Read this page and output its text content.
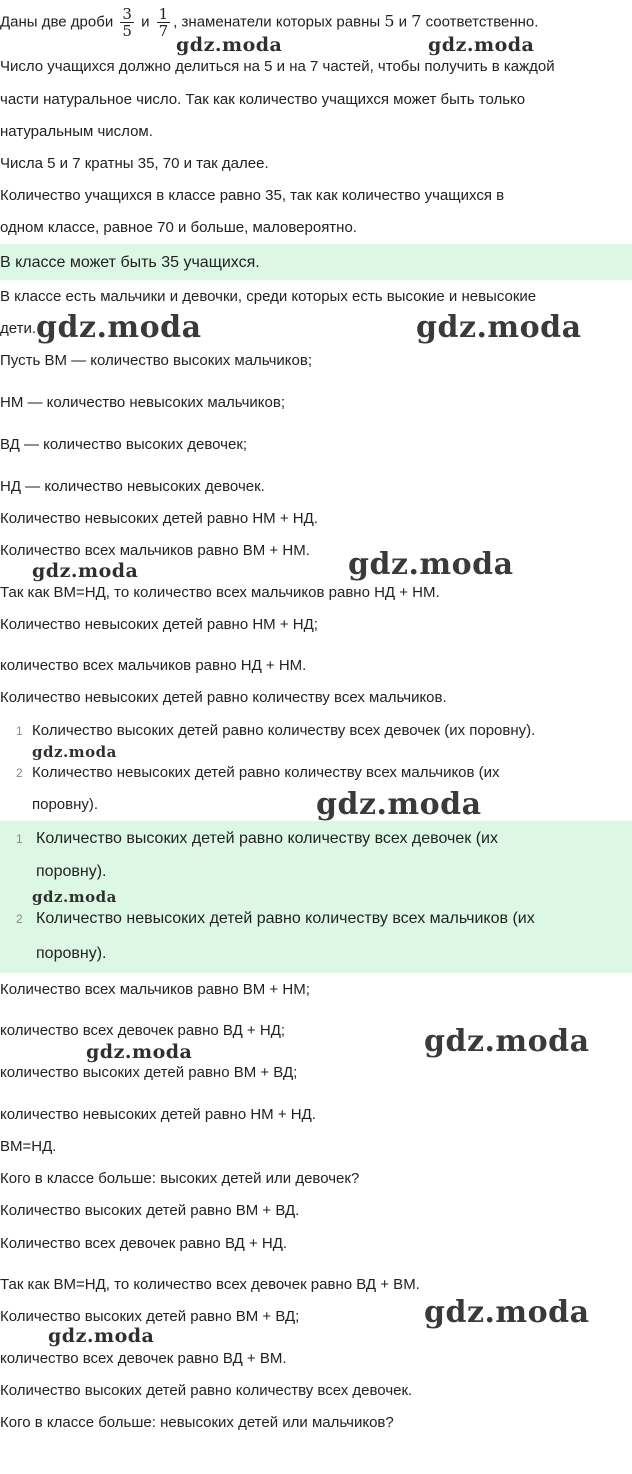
Даны две дроби $\frac{3}{5}$ и $\frac{1}{7}$ , знаменатели которых равны 5 и 7 соответственно.
Число учащихся должно делиться на 5 и на 7 частей, чтобы получить в каждой
части натуральное число. Так как количество учащихся может быть только
натуральным числом.
Числа 5 и 7 кратны 35, 70 и так далее.
Количество учащихся в классе равно 35, так как количество учащихся в
одном классе, равное 70 и больше, маловероятно.
В классе может быть 35 учащихся.
В классе есть мальчики и девочки, среди которых есть высокие и невысокие
дети.
Пусть ВМ — количество высоких мальчиков;
НМ — количество невысоких мальчиков;
ВД — количество высоких девочек;
НД — количество невысоких девочек.
Количество невысоких детей равно НМ + НД.
Количество всех мальчиков равно ВМ + НМ.
Так как ВМ=НД, то количество всех мальчиков равно НД + НМ.
Количество невысоких детей равно НМ + НД;
количество всех мальчиков равно НД + НМ.
Количество невысоких детей равно количеству всех мальчиков.
1 Количество высоких детей равно количеству всех девочек (их поровну).
2 Количество невысоких детей равно количеству всех мальчиков (их
поровну).
1 Количество высоких детей равно количеству всех девочек (их
поровну).
2 Количество невысоких детей равно количеству всех мальчиков (их
поровну).
Количество всех мальчиков равно ВМ + НМ;
количество всех девочек равно ВД + НД;
количество высоких детей равно ВМ + ВД;
количество невысоких детей равно НМ + НД.
ВМ=НД.
Кого в классе больше: высоких детей или девочек?
Количество высоких детей равно ВМ + ВД.
Количество всех девочек равно ВД + НД.
Так как ВМ=НД, то количество всех девочек равно ВД + ВМ.
Количество высоких детей равно ВМ + ВД;
количество всех девочек равно ВД + ВМ.
Количество высоких детей равно количеству всех девочек.
Кого в классе больше: невысоких детей или мальчиков?
gdz.moda	gdz.moda
gdz.moda	gdz.moda
gdz.moda
gdz.moda
gdz.moda
gdz.moda
gdz.moda
gdz.moda
gdz.moda
gdz.moda
gdz.moda
